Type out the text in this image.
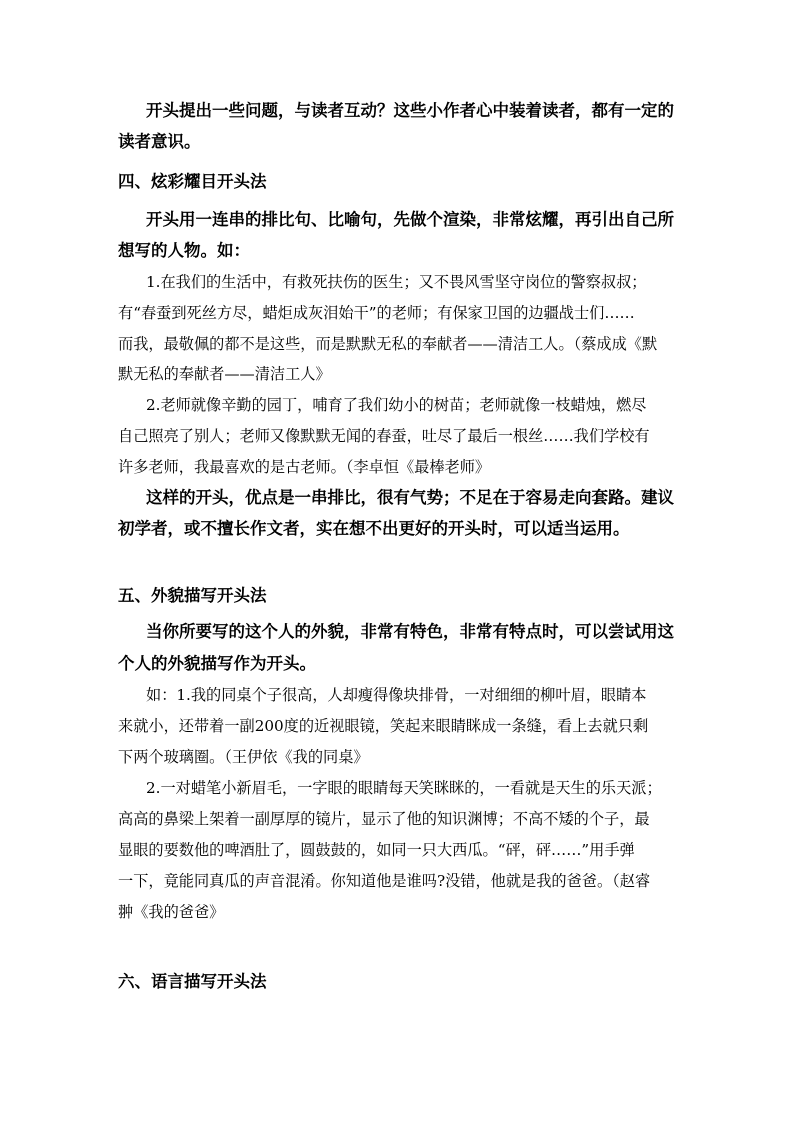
开头提出一些问题，与读者互动？这些小作者心中装着读者，都有一定的
读者意识。
四、炫彩耀目开头法
开头用一连串的排比句、比喻句，先做个渲染，非常炫耀，再引出自己所
想写的人物。如：
1.在我们的生活中，有救死扶伤的医生；又不畏风雪坚守岗位的警察叔叔；
有“春蚕到死丝方尽，蜡炬成灰泪始干”的老师；有保家卫国的边疆战士们……
而我，最敬佩的都不是这些，而是默默无私的奉献者——清洁工人。（蔡成成《默
默无私的奉献者——清洁工人》
2.老师就像辛勤的园丁，哺育了我们幼小的树苗；老师就像一枝蜡烛，燃尽
自己照亮了别人；老师又像默默无闻的春蚕，吐尽了最后一根丝……我们学校有
许多老师，我最喜欢的是古老师。（李卓恒《最棒老师》
这样的开头，优点是一串排比，很有气势；不足在于容易走向套路。建议
初学者，或不擅长作文者，实在想不出更好的开头时，可以适当运用。
五、外貌描写开头法
当你所要写的这个人的外貌，非常有特色，非常有特点时，可以尝试用这
个人的外貌描写作为开头。
如：1.我的同桌个子很高，人却瘦得像块排骨，一对细细的柳叶眉，眼睛本
来就小，还带着一副200度的近视眼镜，笑起来眼睛眯成一条缝，看上去就只剩
下两个玻璃圈。（王伊依《我的同桌》
2.一对蜡笔小新眉毛，一字眼的眼睛每天笑眯眯的，一看就是天生的乐天派；
高高的鼻梁上架着一副厚厚的镜片，显示了他的知识渊博；不高不矮的个子，最
显眼的要数他的啤酒肚了，圆鼓鼓的，如同一只大西瓜。“砰，砰……”用手弹
一下，竟能同真瓜的声音混淆。你知道他是谁吗?没错，他就是我的爸爸。（赵睿
翀《我的爸爸》
六、语言描写开头法
